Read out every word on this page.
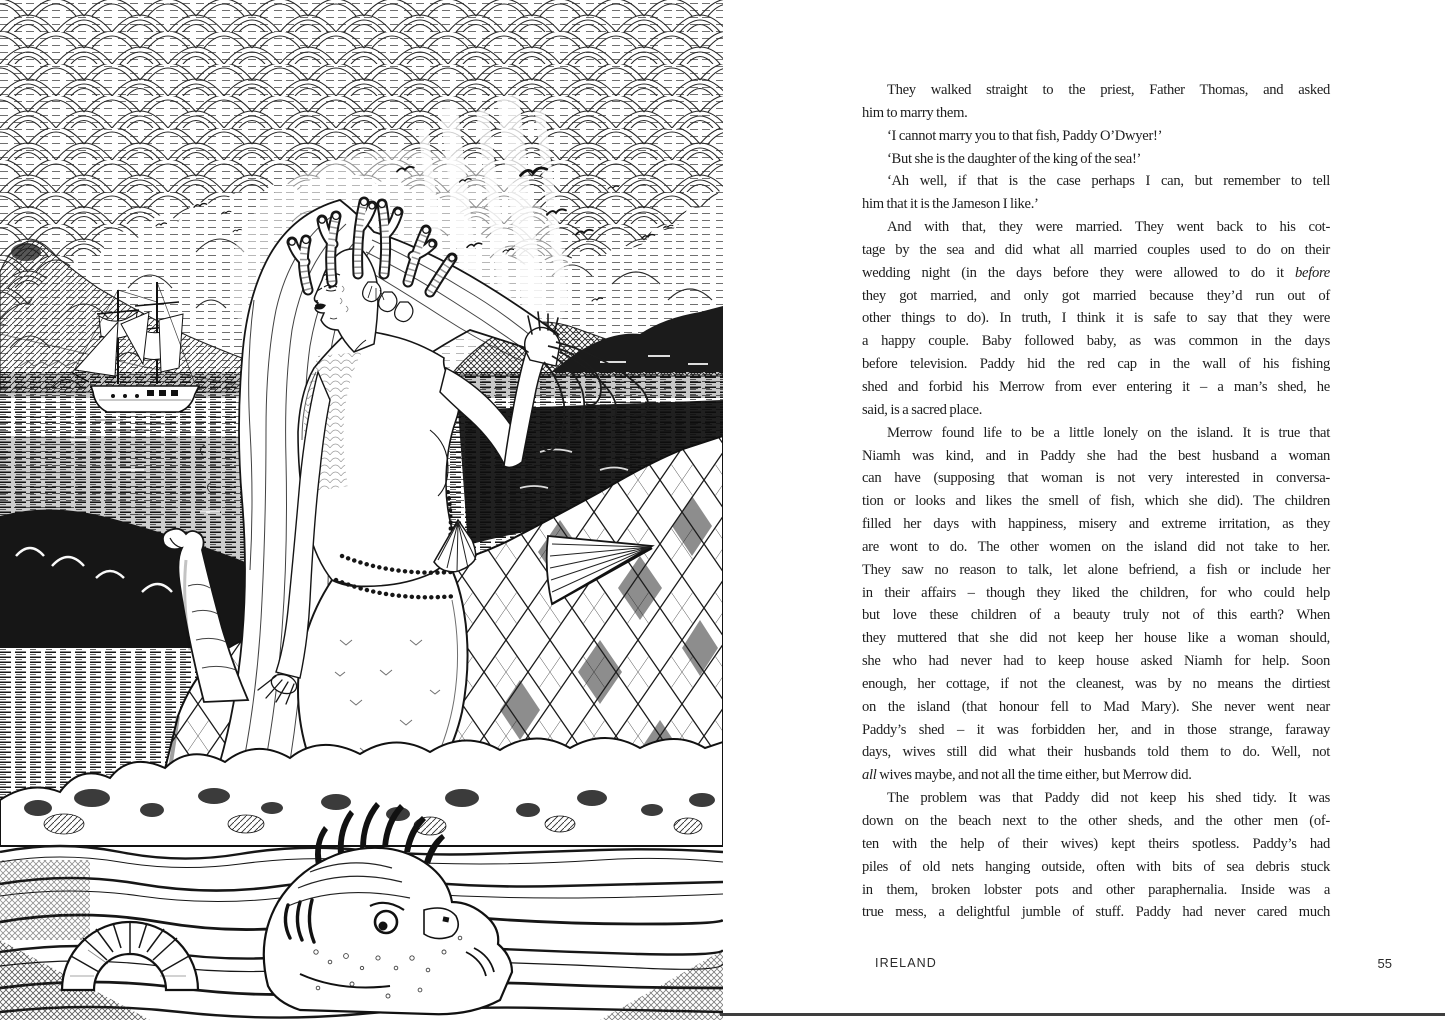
They walked straight to the priest, Father Thomas, and asked
him to marry them.
‘I cannot marry you to that fish, Paddy O’Dwyer!’
‘But she is the daughter of the king of the sea!’
‘Ah well, if that is the case perhaps I can, but remember to tell
him that it is the Jameson I like.’
And with that, they were married. They went back to his cot-
tage by the sea and did what all married couples used to do on their
wedding night (in the days before they were allowed to do it before
they got married, and only got married because they’d run out of
other things to do). In truth, I think it is safe to say that they were
a happy couple. Baby followed baby, as was common in the days
before television. Paddy hid the red cap in the wall of his fishing
shed and forbid his Merrow from ever entering it – a man’s shed, he
said, is a sacred place.
Merrow found life to be a little lonely on the island. It is true that
Niamh was kind, and in Paddy she had the best husband a woman
can have (supposing that woman is not very interested in conversa-
tion or looks and likes the smell of fish, which she did). The children
filled her days with happiness, misery and extreme irritation, as they
are wont to do. The other women on the island did not take to her.
They saw no reason to talk, let alone befriend, a fish or include her
in their affairs – though they liked the children, for who could help
but love these children of a beauty truly not of this earth? When
they muttered that she did not keep her house like a woman should,
she who had never had to keep house asked Niamh for help. Soon
enough, her cottage, if not the cleanest, was by no means the dirtiest
on the island (that honour fell to Mad Mary). She never went near
Paddy’s shed – it was forbidden her, and in those strange, faraway
days, wives still did what their husbands told them to do. Well, not
all wives maybe, and not all the time either, but Merrow did.
The problem was that Paddy did not keep his shed tidy. It was
down on the beach next to the other sheds, and the other men (of-
ten with the help of their wives) kept theirs spotless. Paddy’s had
piles of old nets hanging outside, often with bits of sea debris stuck
in them, broken lobster pots and other paraphernalia. Inside was a
true mess, a delightful jumble of stuff. Paddy had never cared much
IRELAND	55
